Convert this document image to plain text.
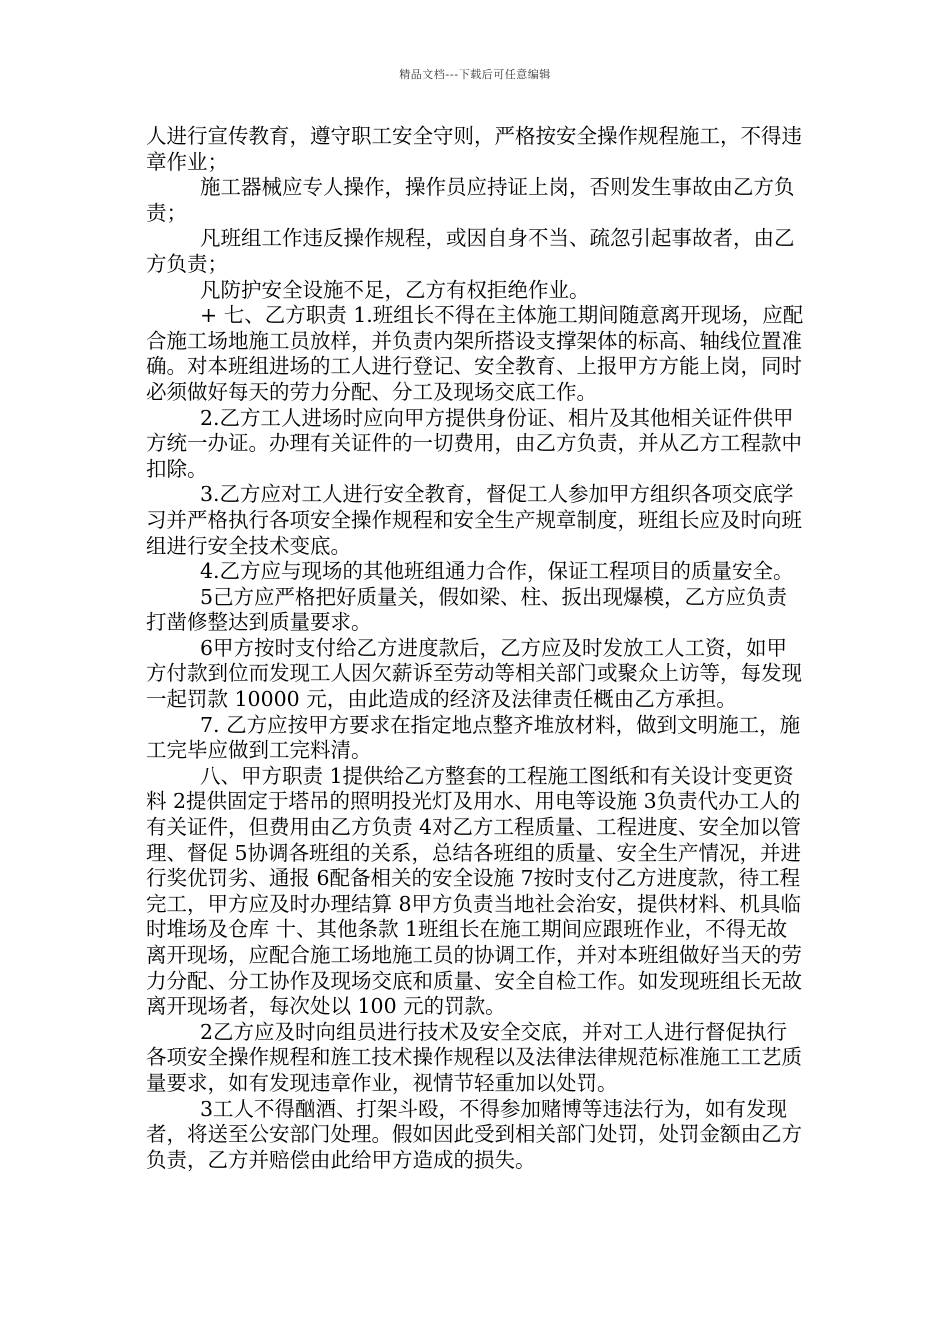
精品文档---下载后可任意编辑

人进行宣传教育，遵守职工安全守则，严格按安全操作规程施工，不得违章作业；

施工器械应专人操作，操作员应持证上岗，否则发生事故由乙方负责；

凡班组工作违反操作规程，或因自身不当、疏忽引起事故者，由乙方负责；

凡防护安全设施不足，乙方有权拒绝作业。

+ 七、乙方职责 1.班组长不得在主体施工期间随意离开现场，应配合施工场地施工员放样，并负责内架所搭设支撑架体的标高、轴线位置准确。对本班组进场的工人进行登记、安全教育、上报甲方方能上岗，同时必须做好每天的劳力分配、分工及现场交底工作。

2.乙方工人进场时应向甲方提供身份证、相片及其他相关证件供甲方统一办证。办理有关证件的一切费用，由乙方负责，并从乙方工程款中扣除。

3.乙方应对工人进行安全教育，督促工人参加甲方组织各项交底学习并严格执行各项安全操作规程和安全生产规章制度，班组长应及时向班组进行安全技术变底。

4.乙方应与现场的其他班组通力合作，保证工程项目的质量安全。

5己方应严格把好质量关，假如梁、柱、扳出现爆模，乙方应负责打凿修整达到质量要求。

6甲方按时支付给乙方进度款后，乙方应及时发放工人工资，如甲方付款到位而发现工人因欠薪诉至劳动等相关部门或聚众上访等，每发现一起罚款 10000 元，由此造成的经济及法律责任概由乙方承担。

7. 乙方应按甲方要求在指定地点整齐堆放材料，做到文明施工，施工完毕应做到工完料清。

八、甲方职责 1提供给乙方整套的工程施工图纸和有关设计变更资料 2提供固定于塔吊的照明投光灯及用水、用电等设施 3负责代办工人的有关证件，但费用由乙方负责 4对乙方工程质量、工程进度、安全加以管理、督促 5协调各班组的关系，总结各班组的质量、安全生产情况，并进行奖优罚劣、通报 6配备相关的安全设施 7按时支付乙方进度款，待工程完工，甲方应及时办理结算 8甲方负责当地社会治安，提供材料、机具临时堆场及仓库 十、其他条款 1班组长在施工期间应跟班作业，不得无故离开现场，应配合施工场地施工员的协调工作，并对本班组做好当天的劳力分配、分工协作及现场交底和质量、安全自检工作。如发现班组长无故离开现场者，每次处以 100 元的罚款。

2乙方应及时向组员进行技术及安全交底，并对工人进行督促执行各项安全操作规程和旌工技术操作规程以及法律法律规范标准施工工艺质量要求，如有发现违章作业，视情节轻重加以处罚。

3工人不得酗酒、打架斗殴，不得参加赌博等违法行为，如有发现者，将送至公安部门处理。假如因此受到相关部门处罚，处罚金额由乙方负责，乙方并赔偿由此给甲方造成的损失。
